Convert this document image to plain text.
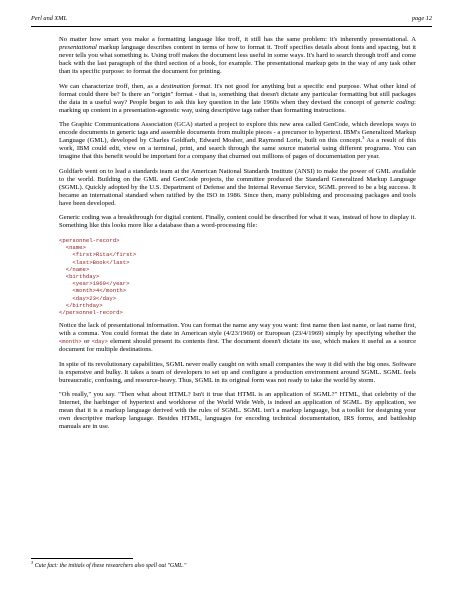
Perl and XML	page 12

No matter how smart you make a formatting language like troff, it still has the same problem: it's inherently presentational. A presentational markup language describes content in terms of how to format it. Troff specifies details about fonts and spacing, but it never tells you what something is. Using troff makes the document less useful in some ways. It's hard to search through troff and come back with the last paragraph of the third section of a book, for example. The presentational markup gets in the way of any task other than its specific purpose: to format the document for printing.

We can characterize troff, then, as a destination format. It's not good for anything but a specific end purpose. What other kind of format could there be? Is there an "origin" format - that is, something that doesn't dictate any particular formatting but still packages the data in a useful way? People began to ask this key question in the late 1960s when they devised the concept of generic coding: marking up content in a presentation-agnostic way, using descriptive tags rather than formatting instructions.

The Graphic Communications Association (GCA) started a project to explore this new area called GenCode, which develops ways to encode documents in generic tags and assemble documents from multiple pieces - a precursor to hypertext. IBM's Generalized Markup Language (GML), developed by Charles Goldfarb, Edward Mosher, and Raymond Lorie, built on this concept.$^3$ As a result of this work, IBM could edit, view on a terminal, print, and search through the same source material using different programs. You can imagine that this benefit would be important for a company that churned out millions of pages of documentation per year.

Goldfarb went on to lead a standards team at the American National Standards Institute (ANSI) to make the power of GML available to the world. Building on the GML and GenCode projects, the committee produced the Standard Generalized Markup Language (SGML). Quickly adopted by the U.S. Department of Defense and the Internal Revenue Service, SGML proved to be a big success. It became an international standard when ratified by the ISO in 1986. Since then, many publishing and processing packages and tools have been developed.

Generic coding was a breakthrough for digital content. Finally, content could be described for what it was, instead of how to display it. Something like this looks more like a database than a word-processing file:

<personnel-record>
<name>
<first>Rita</first>
<last>Book</last>
</name>
<birthday>
<year>1969</year>
<month>4</month>
<day>23</day>
</birthday>
</personnel-record>

Notice the lack of presentational information. You can format the name any way you want: first name then last name, or last name first, with a comma. You could format the date in American style (4/23/1969) or European (23/4/1969) simply by specifying whether the <month> or <day> element should present its contents first. The document doesn't dictate its use, which makes it useful as a source document for multiple destinations.

In spite of its revolutionary capabilities, SGML never really caught on with small companies the way it did with the big ones. Software is expensive and bulky. It takes a team of developers to set up and configure a production environment around SGML. SGML feels bureaucratic, confusing, and resource-heavy. Thus, SGML in its original form was not ready to take the world by storm.

"Oh really," you say. "Then what about HTML? Isn't it true that HTML is an application of SGML?" HTML, that celebrity of the Internet, the harbinger of hypertext and workhorse of the World Wide Web, is indeed an application of SGML. By application, we mean that it is a markup language derived with the rules of SGML. SGML isn't a markup language, but a toolkit for designing your own descriptive markup language. Besides HTML, languages for encoding technical documentation, IRS forms, and battleship manuals are in use.

$^3$ Cute fact: the initials of these researchers also spell out "GML."
